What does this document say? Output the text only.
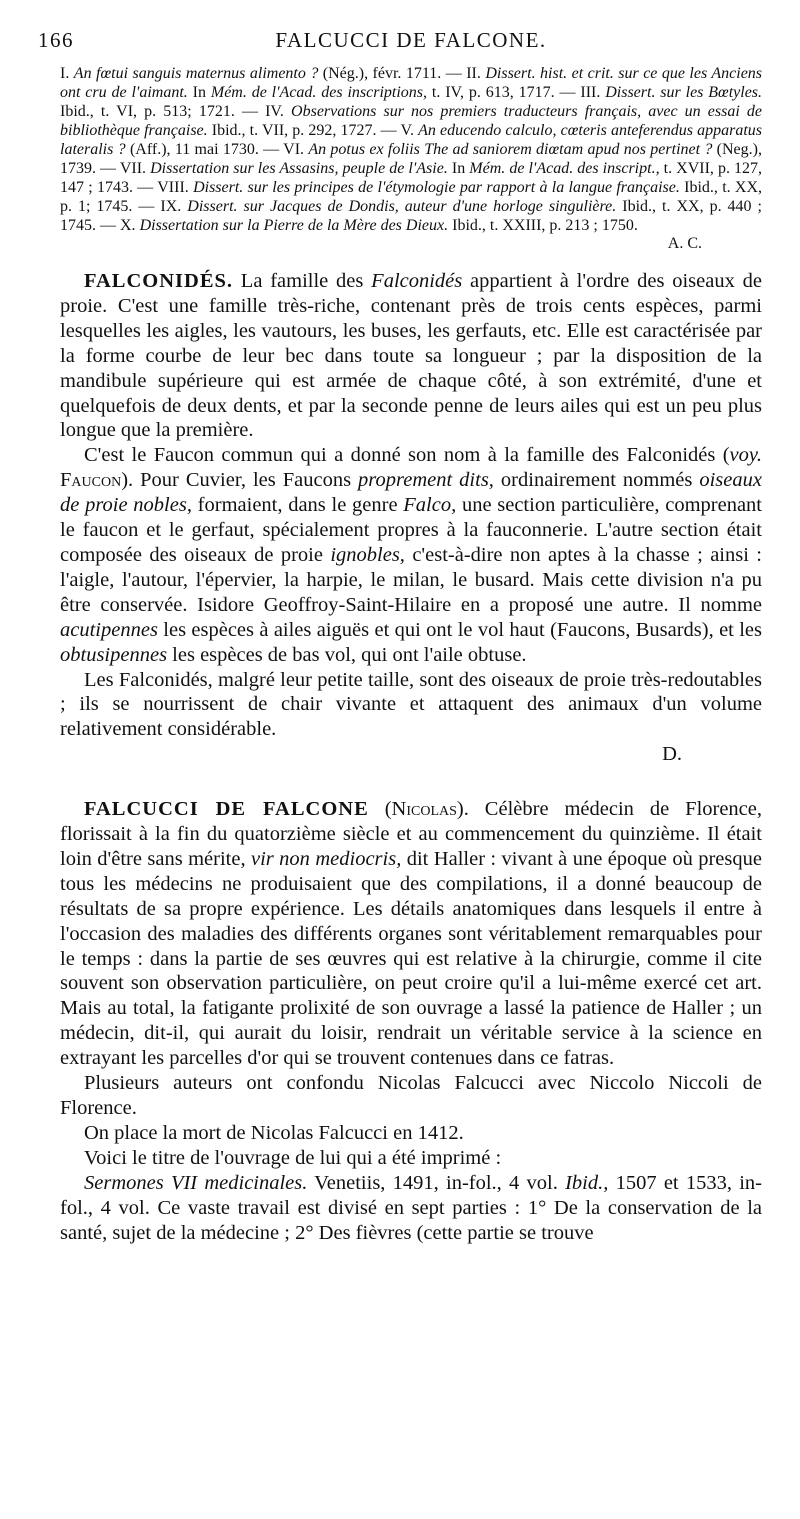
166	FALCUCCI DE FALCONE.

I. An fœtui sanguis maternus alimento ? (Nég.), févr. 1711. — II. Dissert. hist. et crit. sur ce que les Anciens ont cru de l'aimant. In Mém. de l'Acad. des inscriptions, t. IV, p. 613, 1717. — III. Dissert. sur les Bœtyles. Ibid., t. VI, p. 513; 1721. — IV. Observations sur nos premiers traducteurs français, avec un essai de bibliothèque française. Ibid., t. VII, p. 292, 1727. — V. An educendo calculo, cœteris anteferendus apparatus lateralis ? (Aff.), 11 mai 1730. — VI. An potus ex foliis The ad saniorem diœtam apud nos pertinet ? (Neg.), 1739. — VII. Dissertation sur les Assasins, peuple de l'Asie. In Mém. de l'Acad. des inscript., t. XVII, p. 127, 147 ; 1743. — VIII. Dissert. sur les principes de l'étymologie par rapport à la langue française. Ibid., t. XX, p. 1; 1745. — IX. Dissert. sur Jacques de Dondis, auteur d'une horloge singulière. Ibid., t. XX, p. 440 ; 1745. — X. Dissertation sur la Pierre de la Mère des Dieux. Ibid., t. XXIII, p. 213 ; 1750.

A. C.

FALCONIDÉS. La famille des Falconidés appartient à l'ordre des oiseaux de proie. C'est une famille très-riche, contenant près de trois cents espèces, parmi lesquelles les aigles, les vautours, les buses, les gerfauts, etc. Elle est caractérisée par la forme courbe de leur bec dans toute sa longueur ; par la disposition de la mandibule supérieure qui est armée de chaque côté, à son extrémité, d'une et quelquefois de deux dents, et par la seconde penne de leurs ailes qui est un peu plus longue que la première.

C'est le Faucon commun qui a donné son nom à la famille des Falconidés (voy. Faucon). Pour Cuvier, les Faucons proprement dits, ordinairement nommés oiseaux de proie nobles, formaient, dans le genre Falco, une section particulière, comprenant le faucon et le gerfaut, spécialement propres à la fauconnerie. L'autre section était composée des oiseaux de proie ignobles, c'est-à-dire non aptes à la chasse ; ainsi : l'aigle, l'autour, l'épervier, la harpie, le milan, le busard. Mais cette division n'a pu être conservée. Isidore Geoffroy-Saint-Hilaire en a proposé une autre. Il nomme acutipennes les espèces à ailes aiguës et qui ont le vol haut (Faucons, Busards), et les obtusipennes les espèces de bas vol, qui ont l'aile obtuse.

Les Falconidés, malgré leur petite taille, sont des oiseaux de proie très-redoutables ; ils se nourrissent de chair vivante et attaquent des animaux d'un volume relativement considérable.

D.

FALCUCCI DE FALCONE (Nicolas). Célèbre médecin de Florence, florissait à la fin du quatorzième siècle et au commencement du quinzième. Il était loin d'être sans mérite, vir non mediocris, dit Haller : vivant à une époque où presque tous les médecins ne produisaient que des compilations, il a donné beaucoup de résultats de sa propre expérience. Les détails anatomiques dans lesquels il entre à l'occasion des maladies des différents organes sont véritablement remarquables pour le temps : dans la partie de ses œuvres qui est relative à la chirurgie, comme il cite souvent son observation particulière, on peut croire qu'il a lui-même exercé cet art. Mais au total, la fatigante prolixité de son ouvrage a lassé la patience de Haller ; un médecin, dit-il, qui aurait du loisir, rendrait un véritable service à la science en extrayant les parcelles d'or qui se trouvent contenues dans ce fatras.

Plusieurs auteurs ont confondu Nicolas Falcucci avec Niccolo Niccoli de Florence.

On place la mort de Nicolas Falcucci en 1412.

Voici le titre de l'ouvrage de lui qui a été imprimé :

Sermones VII medicinales. Venetiis, 1491, in-fol., 4 vol. Ibid., 1507 et 1533, in-fol., 4 vol. Ce vaste travail est divisé en sept parties : 1° De la conservation de la santé, sujet de la médecine ; 2° Des fièvres (cette partie se trouve
